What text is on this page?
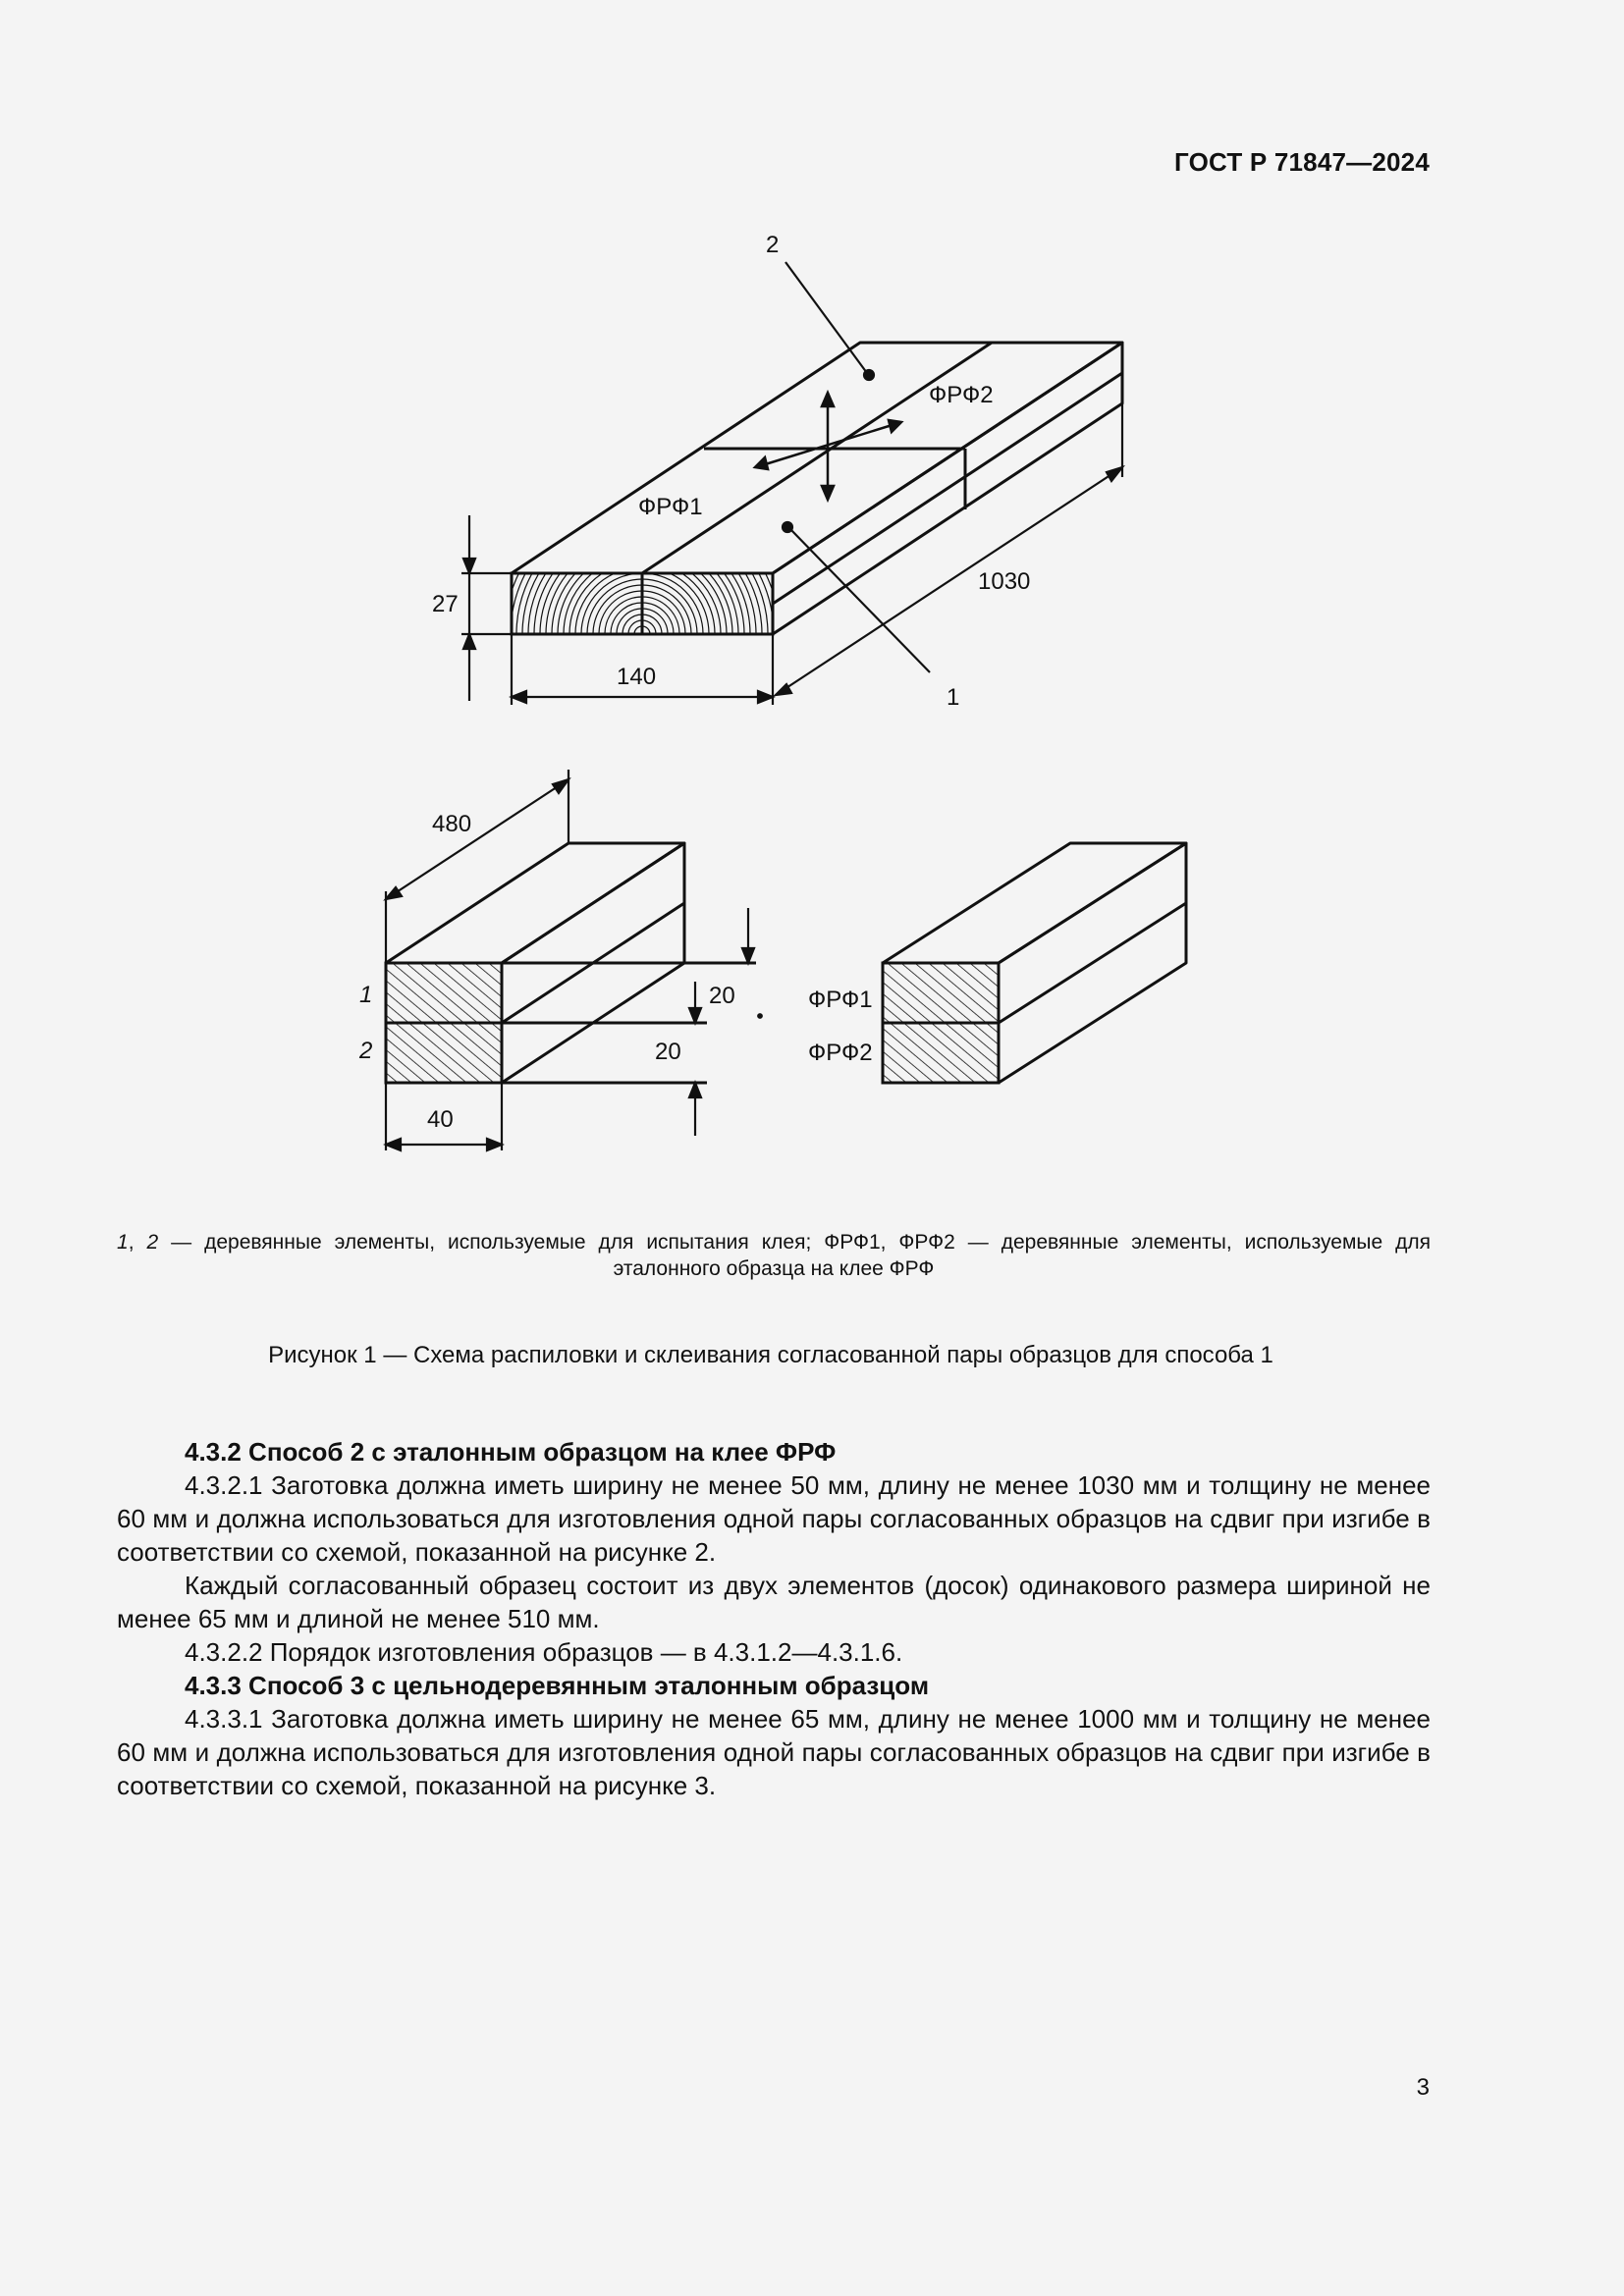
ГОСТ Р 71847—2024
2
ФРФ2
ФРФ1
1030
27
140
1
480
20
20
40
1
2
ФРФ1
ФРФ2
1, 2 — деревянные элементы, используемые для испытания клея; ФРФ1, ФРФ2 — деревянные элементы, используемые для эталонного образца на клее ФРФ
Рисунок 1 — Схема распиловки и склеивания согласованной пары образцов для способа 1

4.3.2 Способ 2 с эталонным образцом на клее ФРФ

4.3.2.1 Заготовка должна иметь ширину не менее 50 мм, длину не менее 1030 мм и толщину не менее 60 мм и должна использоваться для изготовления одной пары согласованных образцов на сдвиг при изгибе в соответствии со схемой, показанной на рисунке 2.

Каждый согласованный образец состоит из двух элементов (досок) одинакового размера шириной не менее 65 мм и длиной не менее 510 мм.

4.3.2.2 Порядок изготовления образцов — в 4.3.1.2—4.3.1.6.

4.3.3 Способ 3 с цельнодеревянным эталонным образцом

4.3.3.1 Заготовка должна иметь ширину не менее 65 мм, длину не менее 1000 мм и толщину не менее 60 мм и должна использоваться для изготовления одной пары согласованных образцов на сдвиг при изгибе в соответствии со схемой, показанной на рисунке 3.

3
